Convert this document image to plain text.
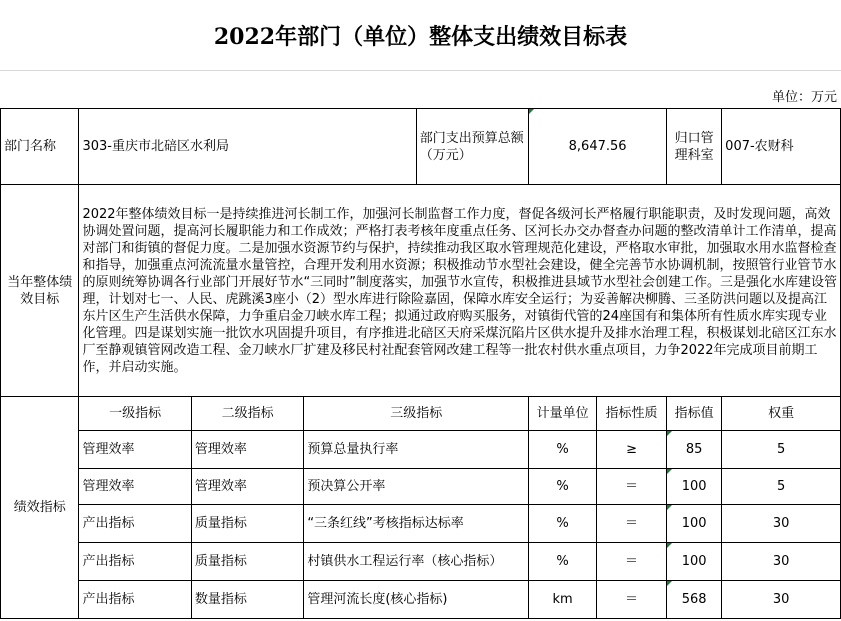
2022年部门（单位）整体支出绩效目标表
单位：万元
部门名称	303-重庆市北碚区水利局			部门支出预算总额（万元）	8,647.56		归口管理科室	007-农财科
当年整体绩效目标	2022年整体绩效目标一是持续推进河长制工作，加强河长制监督工作力度，督促各级河长严格履行职能职责，及时发现问题，高效协调处置问题，提高河长履职能力和工作成效；严格打表考核年度重点任务、区河长办交办督查办问题的整改清单计工作清单，提高对部门和街镇的督促力度。二是加强水资源节约与保护，持续推动我区取水管理规范化建设，严格取水审批，加强取水用水监督检查和指导，加强重点河流流量水量管控，合理开发利用水资源；积极推动节水型社会建设，健全完善节水协调机制，按照管行业管节水的原则统筹协调各行业部门开展好节水“三同时”制度落实，加强节水宣传，积极推进县域节水型社会创建工作。三是强化水库建设管理，计划对七一、人民、虎跳溪3座小（2）型水库进行除险嘉固，保障水库安全运行；为妥善解决柳腾、三圣防洪问题以及提高江东片区生产生活供水保障，力争重启金刀峡水库工程；拟通过政府购买服务，对镇街代管的24座国有和集体所有性质水库实现专业化管理。四是谋划实施一批饮水巩固提升项目，有序推进北碚区天府采煤沉陷片区供水提升及排水治理工程，积极谋划北碚区江东水厂至静观镇管网改造工程、金刀峡水厂扩建及移民村社配套管网改建工程等一批农村供水重点项目，力争2022年完成项目前期工作，并启动实施。							
绩效指标	一级指标	二级指标	三级指标		计量单位	指标性质	指标值	权重
	管理效率	管理效率	预算总量执行率		%	≥	85	5
	管理效率	管理效率	预决算公开率		%	＝	100	5
	产出指标	质量指标	“三条红线”考核指标达标率		%	＝	100	30
	产出指标	质量指标	村镇供水工程运行率（核心指标）		%	＝	100	30
	产出指标	数量指标	管理河流长度(核心指标)		km	＝	568	30
